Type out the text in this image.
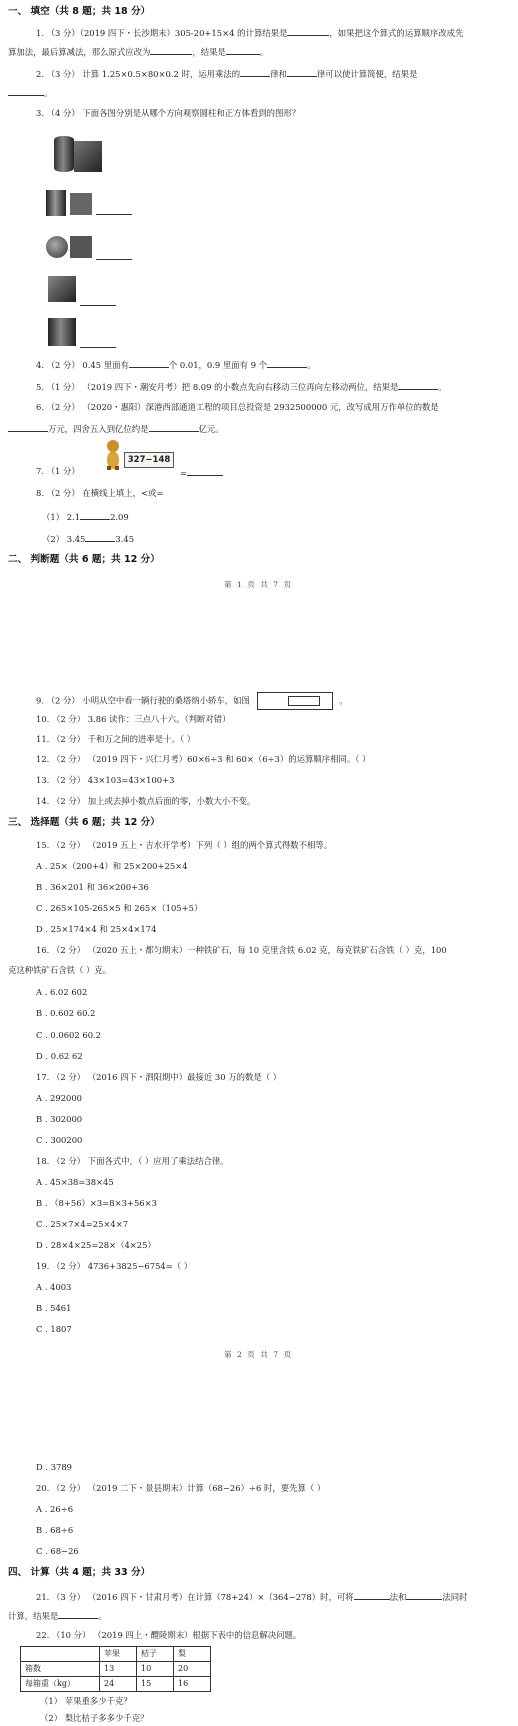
一、 填空（共 8 题；共 18 分）
1. （3 分）（2019 四下・长沙期末）305-20+15×4 的计算结果是	，如果把这个算式的运算顺序改成先
算加法，最后算减法，那么原式应改为	，结果是	。
2. （3 分） 计算 1.25×0.5×80×0.2 时，运用乘法的	律和	律可以使计算简便，结果是
。
3. （4 分） 下面各图分别是从哪个方向观察圆柱和正方体看到的图形？
4. （2 分） 0.45 里面有	个 0.01，0.9 里面有 9 个	。
5. （1 分） （2019 四下・潮安月考）把 8.09 的小数点先向右移动三位再向左移动两位，结果是	。
6. （2 分） （2020・惠阳）深港西部通道工程的项目总投资是 2932500000 元，改写成用万作单位的数是
万元，四舍五入到亿位约是	亿元。
7. （1 分）
327−148
=
8. （2 分） 在横线上填上，<或=
（1） 2.1	2.09
（2） 3.45	3.45
二、 判断题（共 6 题；共 12 分）
第 1 页 共 7 页
9. （2 分） 小明从空中看一辆行驶的桑塔纳小轿车，如图	。
10. （2 分） 3.86 读作：三点八十六。（判断对错）
11. （2 分） 千和万之间的进率是十。（ ）
12. （2 分） （2019 四下・兴仁月考）60×6÷3 和 60×（6÷3）的运算顺序相同。（ ）
13. （2 分） 43×103=43×100+3
14. （2 分） 加上或去掉小数点后面的零，小数大小不变。
三、 选择题（共 6 题；共 12 分）
15. （2 分） （2019 五上・吉水开学考）下列（ ）组的两个算式得数不相等。
A . 25×（200+4）和 25×200+25×4
B . 36×201 和 36×200+36
C . 265×105-265×5 和 265×（105+5）
D . 25×174×4 和 25×4×174
16. （2 分） （2020 五上・都匀期末）一种铁矿石，每 10 克里含铁 6.02 克，每克铁矿石含铁（ ）克，100
克这种铁矿石含铁（ ）克。
A . 6.02 602
B . 0.602 60.2
C . 0.0602 60.2
D . 0.62 62
17. （2 分） （2016 四下・泗阳期中）最接近 30 万的数是（ ）
A . 292000
B . 302000
C . 300200
18. （2 分） 下面各式中，（ ）应用了乘法结合律。
A . 45×38=38×45
B . （8+56）×3=8×3+56×3
C . 25×7×4=25×4×7
D . 28×4×25=28×（4×25）
19. （2 分） 4736+3825−6754=（ ）
A . 4003
B . 5461
C . 1807
第 2 页 共 7 页
D . 3789
20. （2 分） （2019 二下・景县期末）计算（68−26）÷6 时，要先算（ ）
A . 26÷6
B . 68÷6
C . 68−26
四、 计算（共 4 题；共 33 分）
21. （3 分） （2016 四下・甘肃月考）在计算（78+24）×（364−278）时，可将	法和	法同时
计算，结果是	。
22. （10 分） （2019 四上・醴陵期末）根据下表中的信息解决问题。
	苹果	桔子	梨
箱数	13	10	20
每箱重（kg）	24	15	16
（1） 苹果重多少千克？
（2） 梨比桔子多多少千克？
